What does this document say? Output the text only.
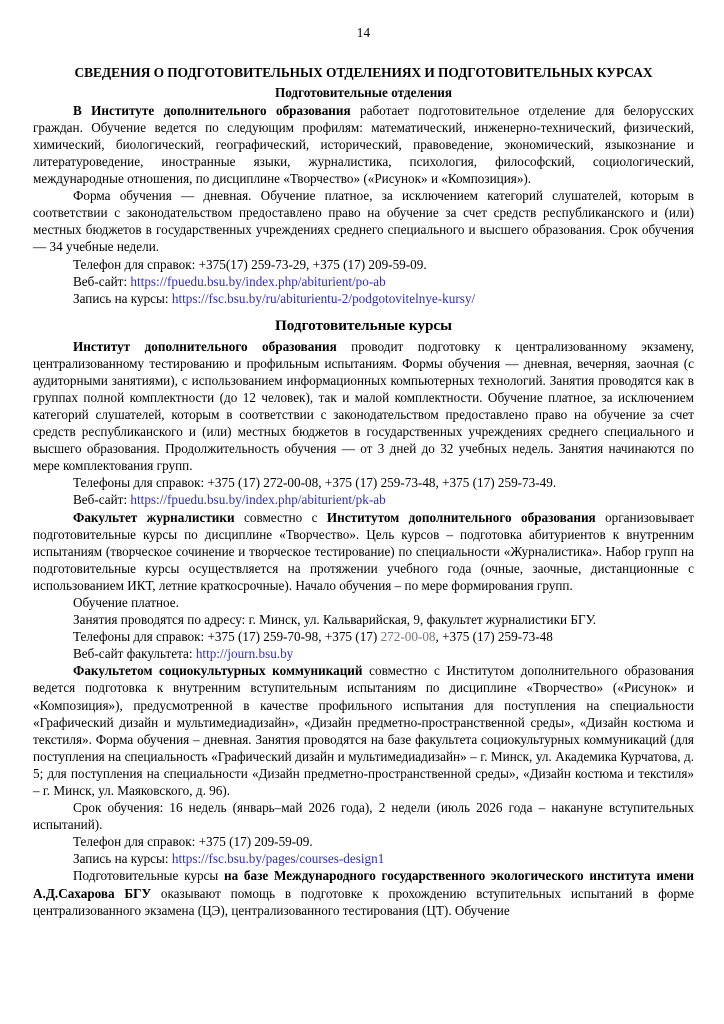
14
СВЕДЕНИЯ О ПОДГОТОВИТЕЛЬНЫХ ОТДЕЛЕНИЯХ И ПОДГОТОВИТЕЛЬНЫХ КУРСАХ
Подготовительные отделения

В Институте дополнительного образования работает подготовительное отделение для белорусских граждан. Обучение ведется по следующим профилям: математический, инженерно-технический, физический, химический, биологический, географический, исторический, правоведение, экономический, языкознание и литературоведение, иностранные языки, журналистика, психология, философский, социологический, международные отношения, по дисциплине «Творчество» («Рисунок» и «Композиция»).

Форма обучения — дневная. Обучение платное, за исключением категорий слушателей, которым в соответствии с законодательством предоставлено право на обучение за счет средств республиканского и (или) местных бюджетов в государственных учреждениях среднего специального и высшего образования. Срок обучения — 34 учебные недели.

Телефон для справок: +375(17) 259-73-29, +375 (17) 209-59-09.

Веб-сайт: https://fpuedu.bsu.by/index.php/abiturient/po-ab

Запись на курсы: https://fsc.bsu.by/ru/abiturientu-2/podgotovitelnye-kursy/

Подготовительные курсы

Институт дополнительного образования проводит подготовку к централизованному экзамену, централизованному тестированию и профильным испытаниям. Формы обучения — дневная, вечерняя, заочная (с аудиторными занятиями), с использованием информационных компьютерных технологий. Занятия проводятся как в группах полной комплектности (до 12 человек), так и малой комплектности. Обучение платное, за исключением категорий слушателей, которым в соответствии с законодательством предоставлено право на обучение за счет средств республиканского и (или) местных бюджетов в государственных учреждениях среднего специального и высшего образования. Продолжительность обучения — от 3 дней до 32 учебных недель. Занятия начинаются по мере комплектования групп.

Телефоны для справок: +375 (17) 272-00-08, +375 (17) 259-73-48, +375 (17) 259-73-49.

Веб-сайт: https://fpuedu.bsu.by/index.php/abiturient/pk-ab

Факультет журналистики совместно с Институтом дополнительного образования организовывает подготовительные курсы по дисциплине «Творчество». Цель курсов – подготовка абитуриентов к внутренним испытаниям (творческое сочинение и творческое тестирование) по специальности «Журналистика». Набор групп на подготовительные курсы осуществляется на протяжении учебного года (очные, заочные, дистанционные с использованием ИКТ, летние краткосрочные). Начало обучения – по мере формирования групп.

Обучение платное.

Занятия проводятся по адресу: г. Минск, ул. Кальварийская, 9, факультет журналистики БГУ.

Телефоны для справок: +375 (17) 259-70-98, +375 (17) 272-00-08, +375 (17) 259-73-48

Веб-сайт факультета: http://journ.bsu.by

Факультетом социокультурных коммуникаций совместно с Институтом дополнительного образования ведется подготовка к внутренним вступительным испытаниям по дисциплине «Творчество» («Рисунок» и «Композиция»), предусмотренной в качестве профильного испытания для поступления на специальности «Графический дизайн и мультимедиадизайн», «Дизайн предметно-пространственной среды», «Дизайн костюма и текстиля». Форма обучения – дневная. Занятия проводятся на базе факультета социокультурных коммуникаций (для поступления на специальность «Графический дизайн и мультимедиадизайн» – г. Минск, ул. Академика Курчатова, д. 5; для поступления на специальности «Дизайн предметно-пространственной среды», «Дизайн костюма и текстиля» – г. Минск, ул. Маяковского, д. 96).

Срок обучения: 16 недель (январь–май 2026 года), 2 недели (июль 2026 года – накануне вступительных испытаний).

Телефон для справок: +375 (17) 209-59-09.

Запись на курсы: https://fsc.bsu.by/pages/courses-design1

Подготовительные курсы на базе Международного государственного экологического института имени А.Д.Сахарова БГУ оказывают помощь в подготовке к прохождению вступительных испытаний в форме централизованного экзамена (ЦЭ), централизованного тестирования (ЦТ). Обучение
